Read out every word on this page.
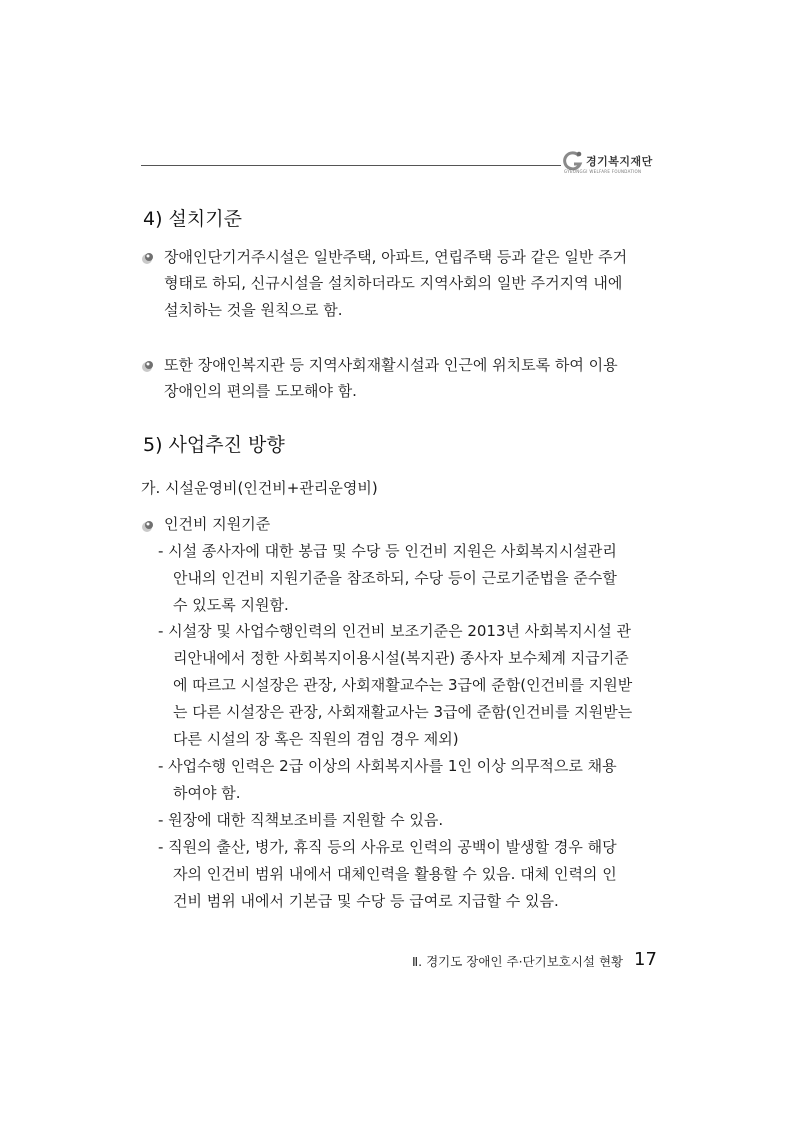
경기복지재단
GYEONGGI WELFARE FOUNDATION
4) 설치기준
장애인단기거주시설은 일반주택, 아파트, 연립주택 등과 같은 일반 주거
형태로 하되, 신규시설을 설치하더라도 지역사회의 일반 주거지역 내에
설치하는 것을 원칙으로 함.
또한 장애인복지관 등 지역사회재활시설과 인근에 위치토록 하여 이용
장애인의 편의를 도모해야 함.
5) 사업추진 방향
가. 시설운영비(인건비+관리운영비)
인건비 지원기준
- 시설 종사자에 대한 봉급 및 수당 등 인건비 지원은 사회복지시설관리
안내의 인건비 지원기준을 참조하되, 수당 등이 근로기준법을 준수할
수 있도록 지원함.
- 시설장 및 사업수행인력의 인건비 보조기준은 2013년 사회복지시설 관
리안내에서 정한 사회복지이용시설(복지관) 종사자 보수체계 지급기준
에 따르고 시설장은 관장, 사회재활교수는 3급에 준함(인건비를 지원받
는 다른 시설장은 관장, 사회재활교사는 3급에 준함(인건비를 지원받는
다른 시설의 장 혹은 직원의 겸임 경우 제외)
- 사업수행 인력은 2급 이상의 사회복지사를 1인 이상 의무적으로 채용
하여야 함.
- 원장에 대한 직책보조비를 지원할 수 있음.
- 직원의 출산, 병가, 휴직 등의 사유로 인력의 공백이 발생할 경우 해당
자의 인건비 범위 내에서 대체인력을 활용할 수 있음. 대체 인력의 인
건비 범위 내에서 기본급 및 수당 등 급여로 지급할 수 있음.
Ⅱ. 경기도 장애인 주·단기보호시설 현황 17
